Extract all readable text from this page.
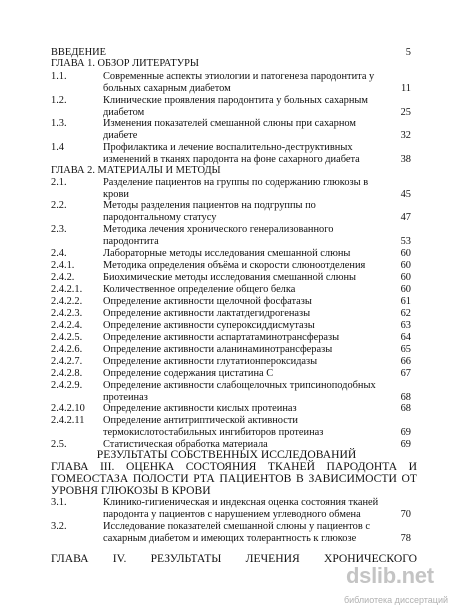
ВВЕДЕНИЕ	5
ГЛАВА 1. ОБЗОР ЛИТЕРАТУРЫ
1.1.	Современные аспекты этиологии и патогенеза пародонтита у
больных сахарным диабетом	11
1.2.	Клинические проявления пародонтита у больных сахарным
диабетом	25
1.3.	Изменения показателей смешанной слюны при сахарном
диабете	32
1.4	Профилактика и лечение воспалительно-деструктивных
изменений в тканях пародонта на фоне сахарного диабета	38
ГЛАВА 2. МАТЕРИАЛЫ И МЕТОДЫ
2.1.	Разделение пациентов на группы по содержанию глюкозы в
крови	45
2.2.	Методы разделения пациентов на подгруппы по
пародонтальному статусу	47
2.3.	Методика лечения хронического генерализованного
пародонтита	53
2.4.	Лабораторные методы исследования смешанной слюны	60
2.4.1.	Методика определения объёма и скорости слюноотделения	60
2.4.2.	Биохимические методы исследования смешанной слюны	60
2.4.2.1. Количественное определение общего белка	60
2.4.2.2. Определение активности щелочной фосфатазы	61
2.4.2.3. Определение активности лактатдегидрогеназы	62
2.4.2.4. Определение активности супероксиддисмутазы	63
2.4.2.5. Определение активности аспартатаминотрансферазы	64
2.4.2.6. Определение активности аланинаминотрансферазы	65
2.4.2.7. Определение активности глутатионпероксидазы	66
2.4.2.8. Определение содержания цистатина С	67
2.4.2.9. Определение активности слабощелочных трипсиноподобных
протеиназ	68
2.4.2.10 Определение активности кислых протеиназ	68
2.4.2.11 Определение антитриптической активности
термокислотостабильных ингибиторов протеиназ	69
2.5.	Статистическая обработка материала	69
РЕЗУЛЬТАТЫ СОБСТВЕННЫХ ИССЛЕДОВАНИЙ
ГЛАВА III. ОЦЕНКА СОСТОЯНИЯ ТКАНЕЙ ПАРОДОНТА И
ГОМЕОСТАЗА ПОЛОСТИ РТА ПАЦИЕНТОВ В ЗАВИСИМОСТИ ОТ
УРОВНЯ ГЛЮКОЗЫ В КРОВИ
3.1.	Клинико-гигиеническая и индексная оценка состояния тканей
пародонта у пациентов с нарушением углеводного обмена	70
3.2.	Исследование показателей смешанной слюны у пациентов с
сахарным диабетом и имеющих толерантность к глюкозе	78
ГЛАВА IV. РЕЗУЛЬТАТЫ ЛЕЧЕНИЯ ХРОНИЧЕСКОГО
dslib.net
библиотека диссертаций
